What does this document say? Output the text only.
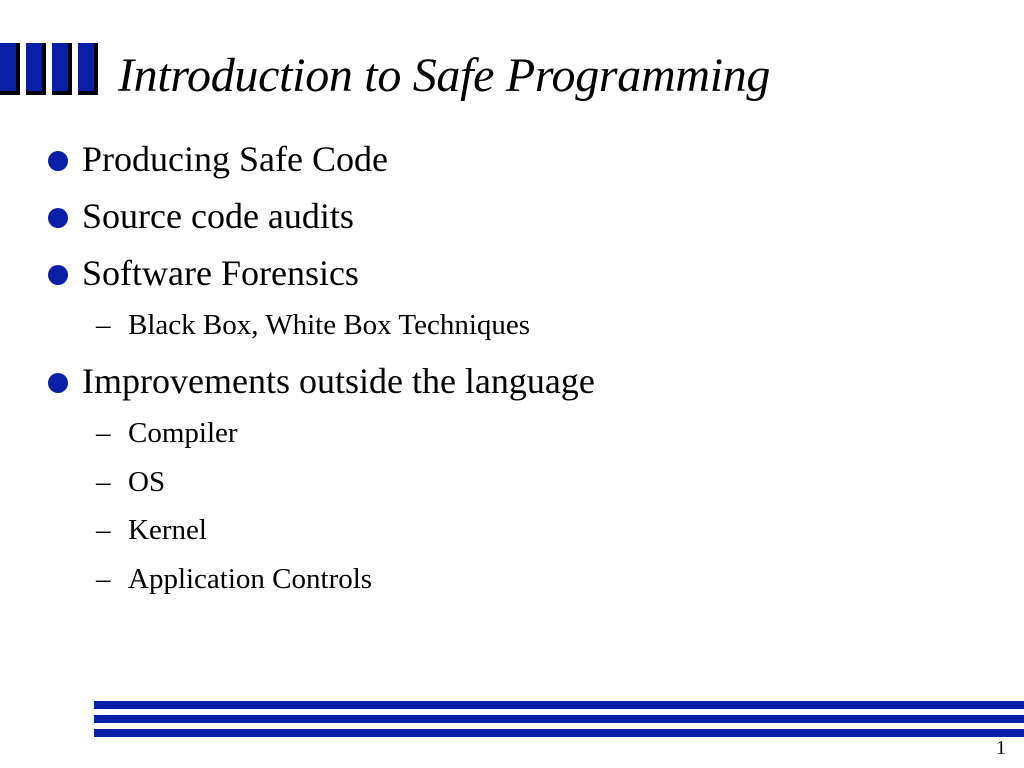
Introduction to Safe Programming
Producing Safe Code
Source code audits
Software Forensics
– Black Box, White Box Techniques
Improvements outside the language
– Compiler
– OS
– Kernel
– Application Controls
1
